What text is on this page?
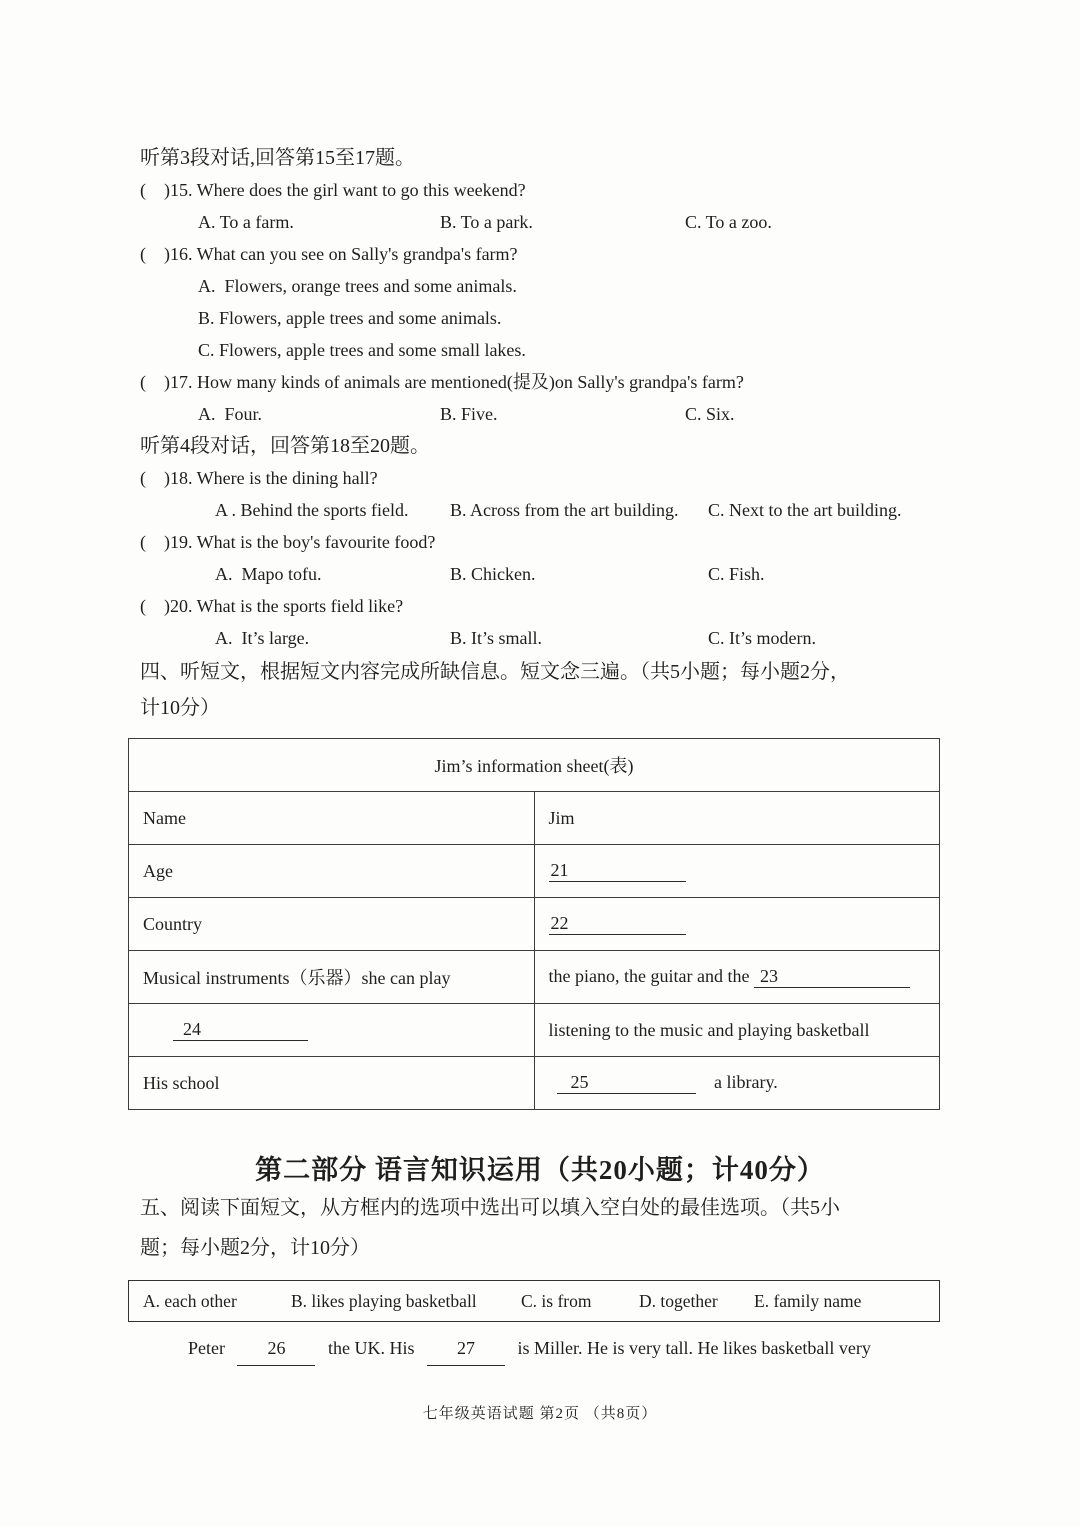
听第3段对话,回答第15至17题。
(    )15. Where does the girl want to go this weekend?
A. To a farm.	B. To a park.	C. To a zoo.
(    )16. What can you see on Sally's grandpa's farm?
A.  Flowers, orange trees and some animals.
B. Flowers, apple trees and some animals.
C. Flowers, apple trees and some small lakes.
(    )17. How many kinds of animals are mentioned(提及)on Sally's grandpa's farm?
A.  Four.	B. Five.	C. Six.
听第4段对话，回答第18至20题。
(    )18. Where is the dining hall?
A . Behind the sports field.	B. Across from the art building.	C. Next to the art building.
(    )19. What is the boy's favourite food?
A.  Mapo tofu.	B. Chicken.	C. Fish.
(    )20. What is the sports field like?
A.  It’s large.	B. It’s small.	C. It’s modern.
四、听短文，根据短文内容完成所缺信息。短文念三遍。（共5小题；每小题2分，
计10分）
Jim’s information sheet(表)	
Name	Jim
Age	21
Country	22
Musical instruments（乐器）she can play	the piano, the guitar and the 23
24	listening to the music and playing basketball
His school	25 a library.
第二部分 语言知识运用（共20小题；计40分）
五、阅读下面短文，从方框内的选项中选出可以填入空白处的最佳选项。（共5小
题；每小题2分，计10分）
A. each other	B. likes playing basketball	C. is from	D. together	E. family name
Peter 26 the UK. His 27 is Miller. He is very tall. He likes basketball very
七年级英语试题 第2页 （共8页）
